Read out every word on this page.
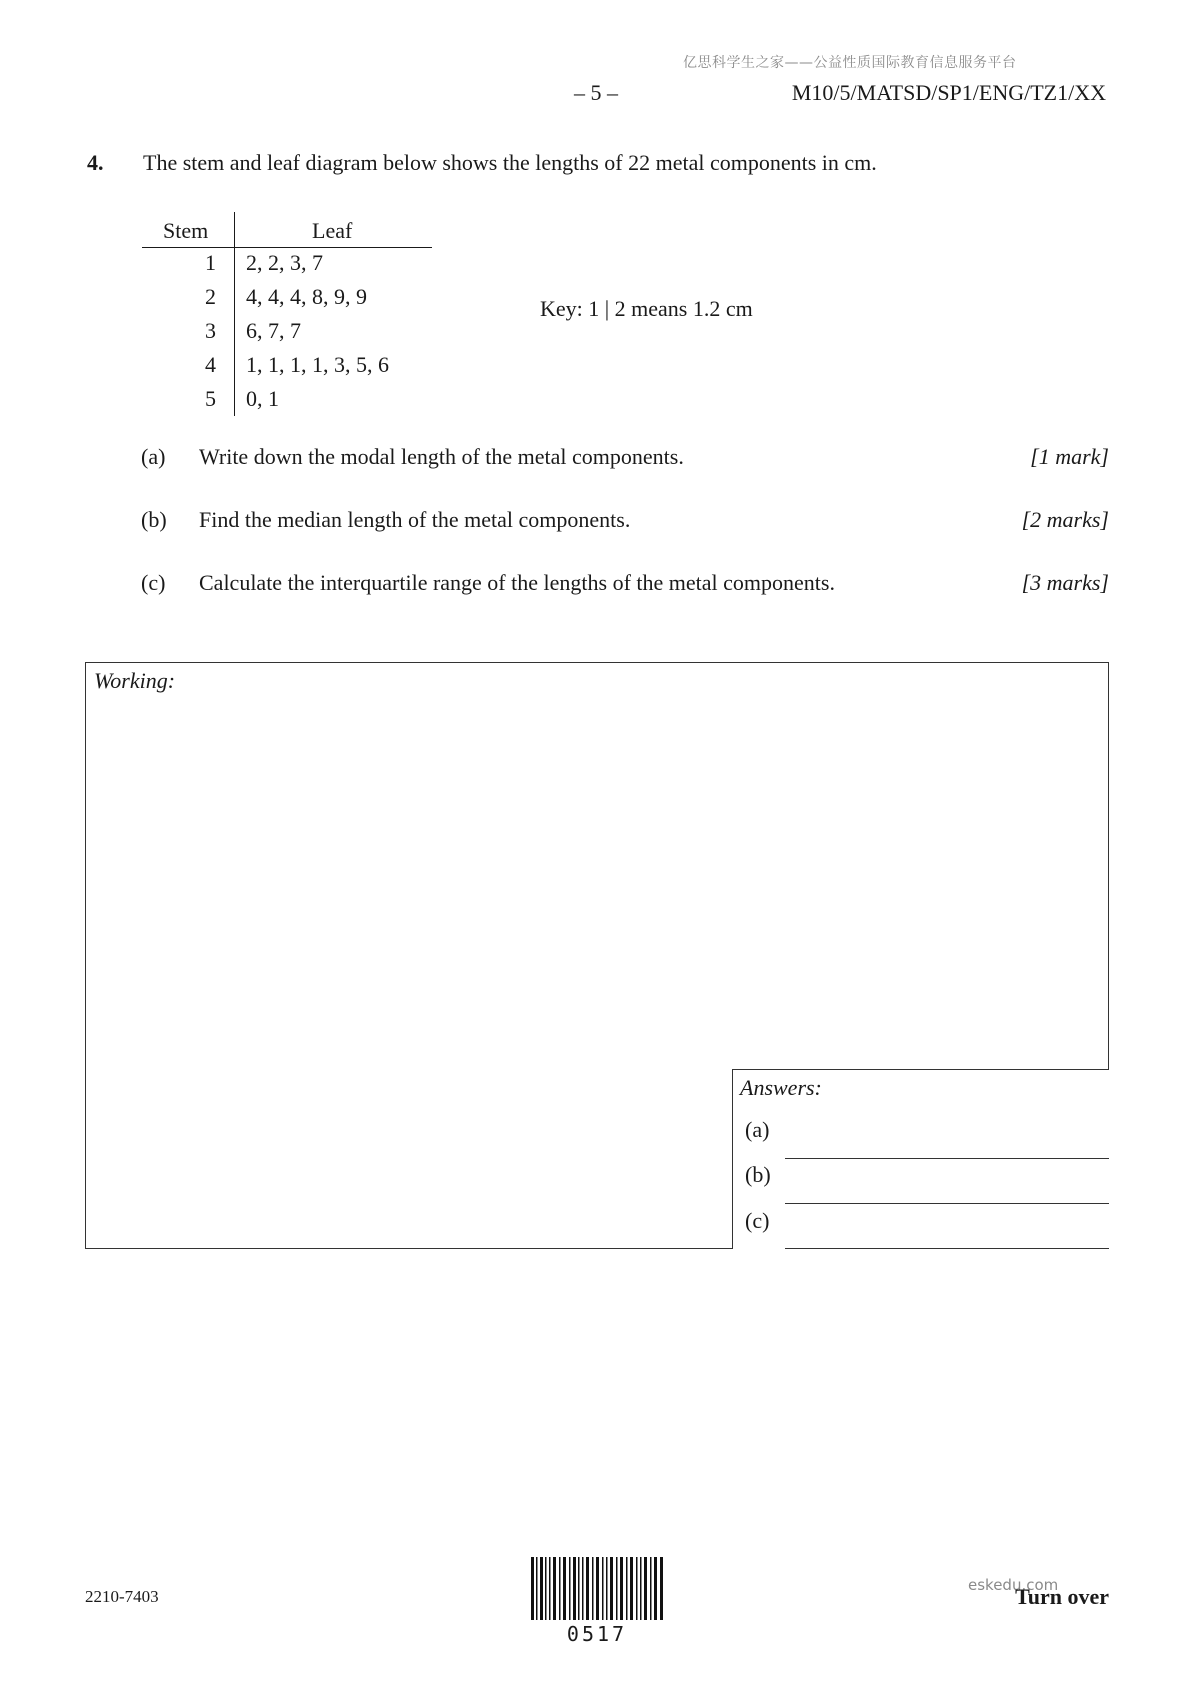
亿思科学生之家——公益性质国际教育信息服务平台
– 5 –	M10/5/MATSD/SP1/ENG/TZ1/XX
4. The stem and leaf diagram below shows the lengths of 22 metal components in cm.
Stem	Leaf
1 2, 2, 3, 7
2 4, 4, 4, 8, 9, 9
3 6, 7, 7
4 1, 1, 1, 1, 3, 5, 6
5 0, 1
Key: 1 | 2 means 1.2 cm
(a) Write down the modal length of the metal components.	[1 mark]
(b) Find the median length of the metal components.	[2 marks]
(c) Calculate the interquartile range of the lengths of the metal components.	[3 marks]
Working:
Answers:
(a)
(b)
(c)
2210-7403
0517
eskedu.com
Turn over
